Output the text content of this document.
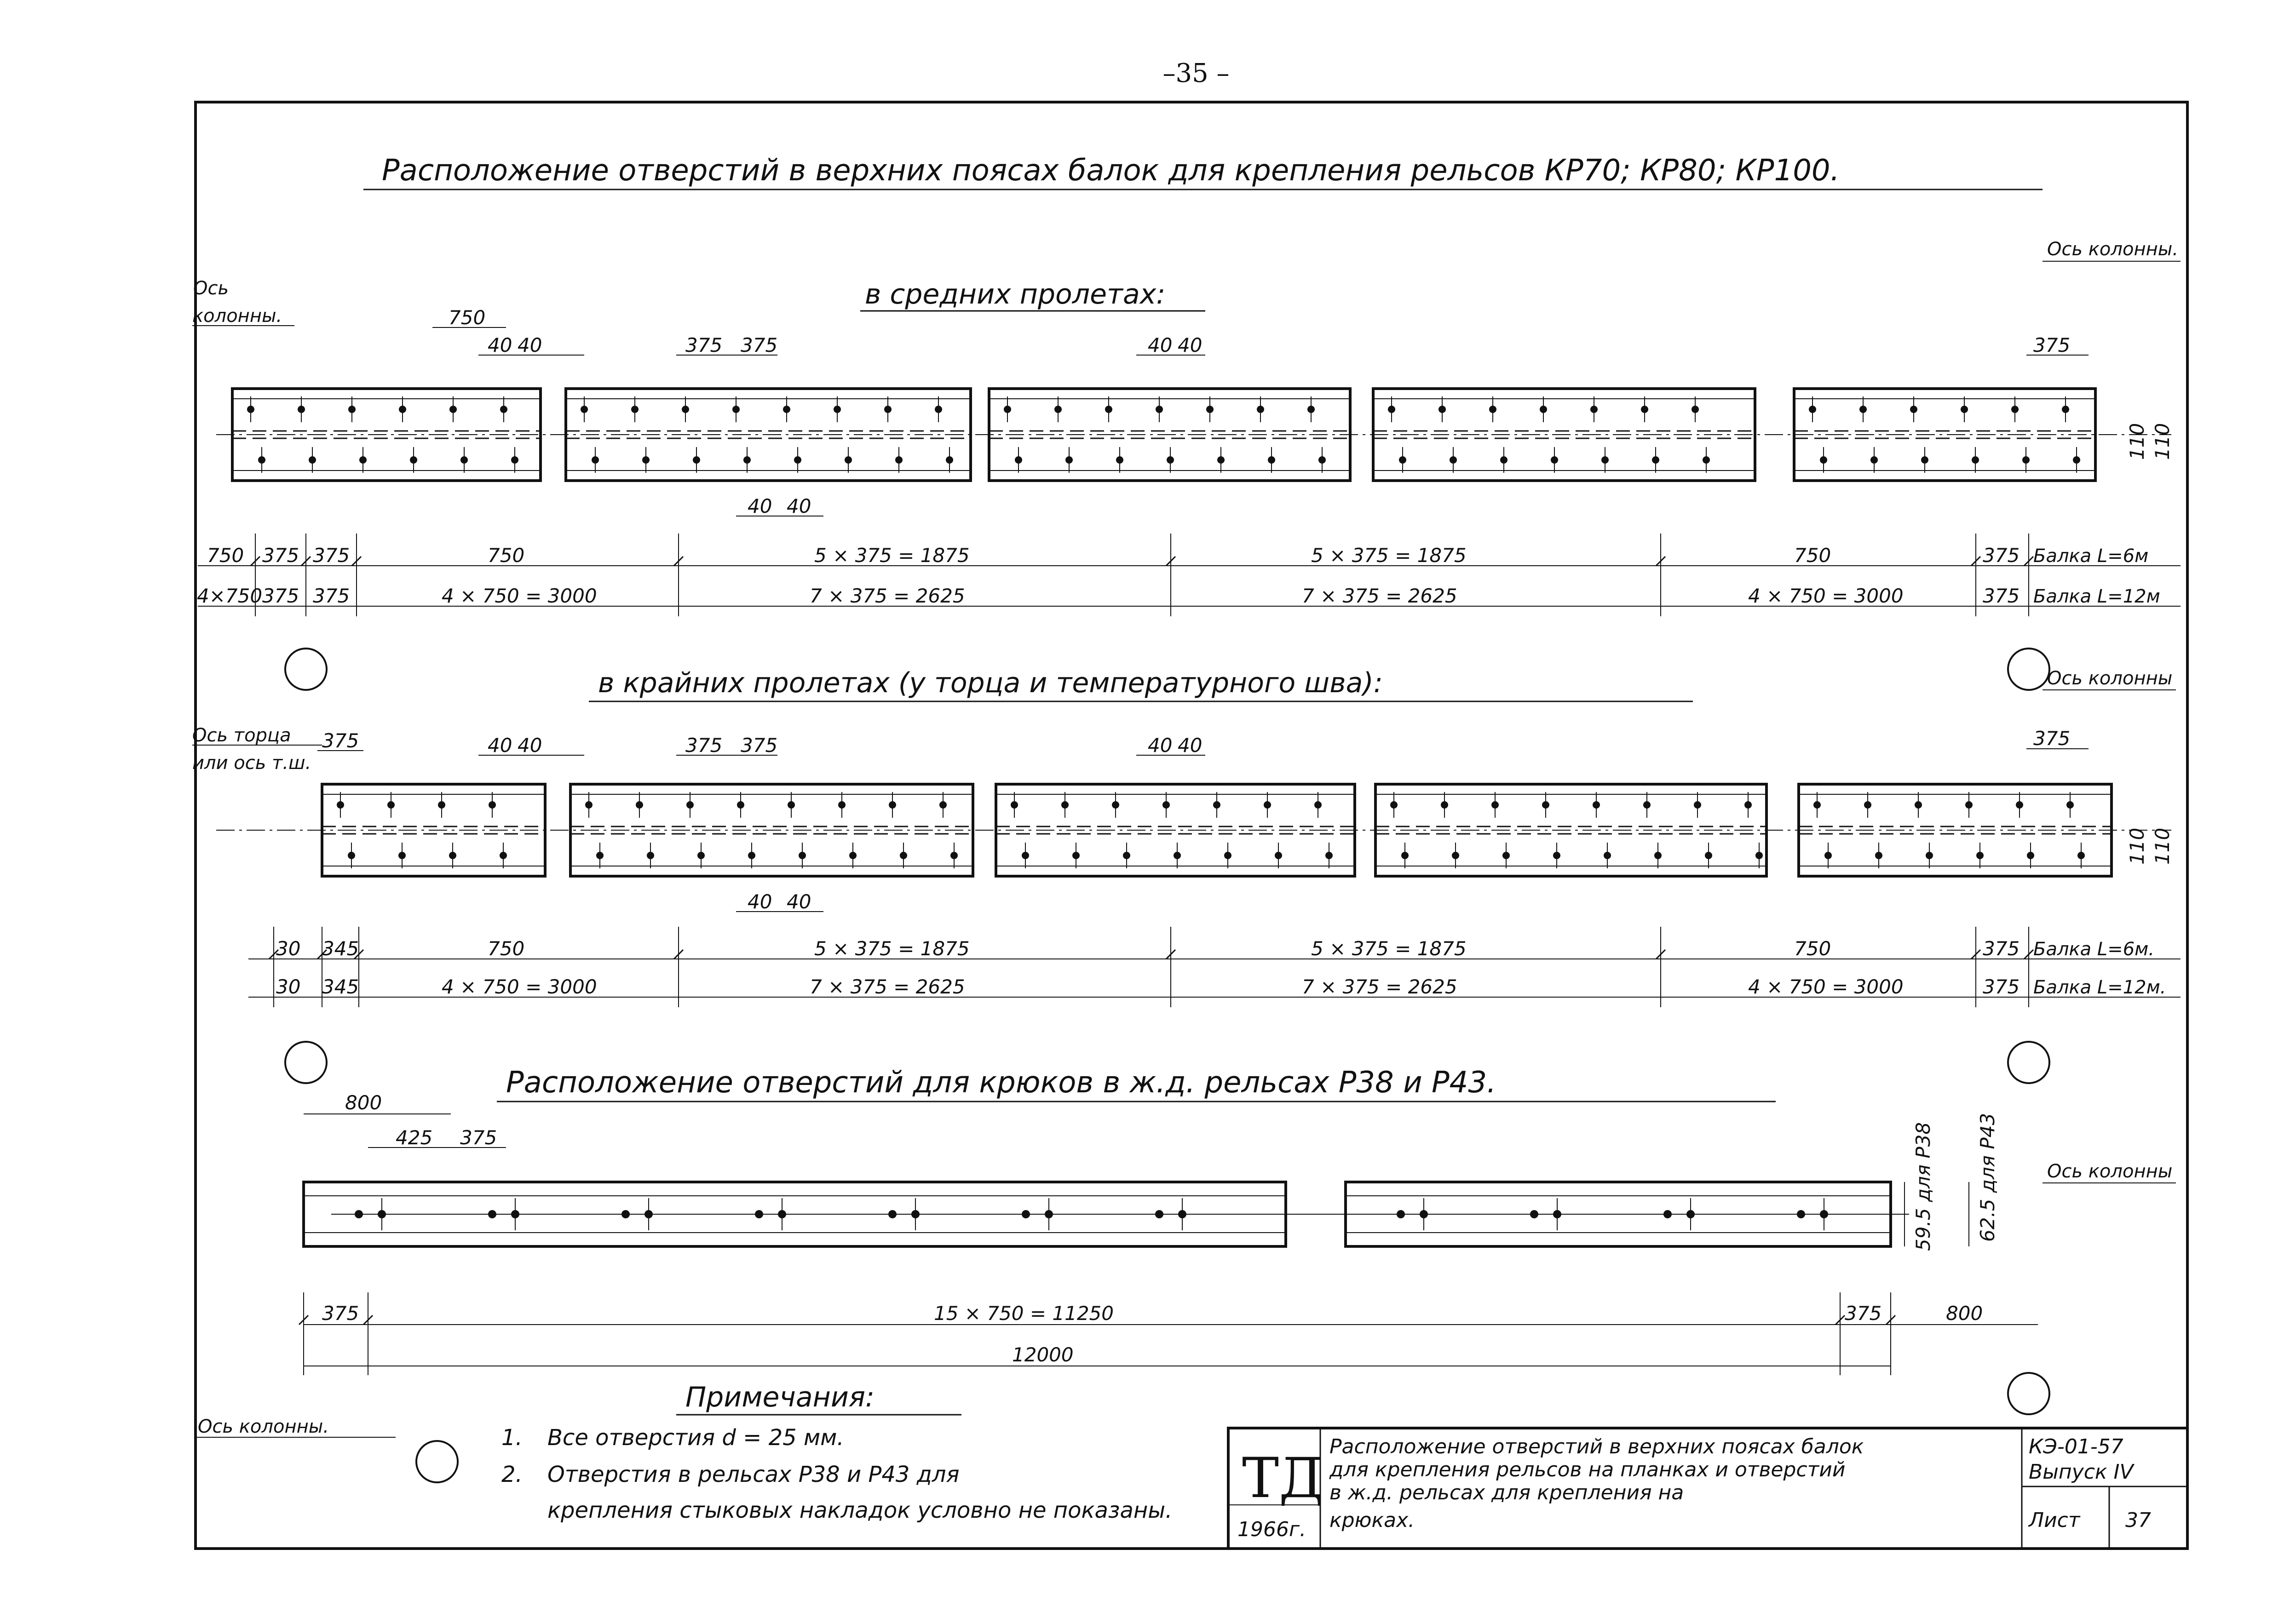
–35 –
Расположение отверстий в верхних поясах балок для крепления рельсов КР70; КР80; КР100.
в средних пролетах:
Ось
колонны.
Ось колонны.
750
40 40	375 375	40 40	375
40 40
110 110
750 375 375	750	5 × 375 = 1875	5 × 375 = 1875	750	375 Балка L=6м
4×750 375 375	4 × 750 = 3000	7 × 375 = 2625	7 × 375 = 2625	4 × 750 = 3000	375 Балка L=12м
в крайних пролетах (у торца и температурного шва):	Ось колонны
Ось торца
или ось т.ш.
375	40 40	375 375	40 40	375
40 40
110 110
30 345	750	5 × 375 = 1875	5 × 375 = 1875	750	375 Балка L=6м.
30 345	4 × 750 = 3000	7 × 375 = 2625	7 × 375 = 2625	4 × 750 = 3000	375 Балка L=12м.
Расположение отверстий для крюков в ж.д. рельсах Р38 и Р43.
800
425 375	59.5 для Р38 62.5 для Р43	Ось колонны
375	15 × 750 = 11250	375	800
12000
Ось колонны.
Примечания:
1. Все отверстия d = 25 мм.
2. Отверстия в рельсах Р38 и Р43 для
крепления стыковых накладок условно не показаны. ТД
1966г.
Расположение отверстий в верхних поясах балок
для крепления рельсов на планках и отверстий
в ж.д. рельсах для крепления на
крюках.
КЭ-01-57
Выпуск IV
Лист 37
